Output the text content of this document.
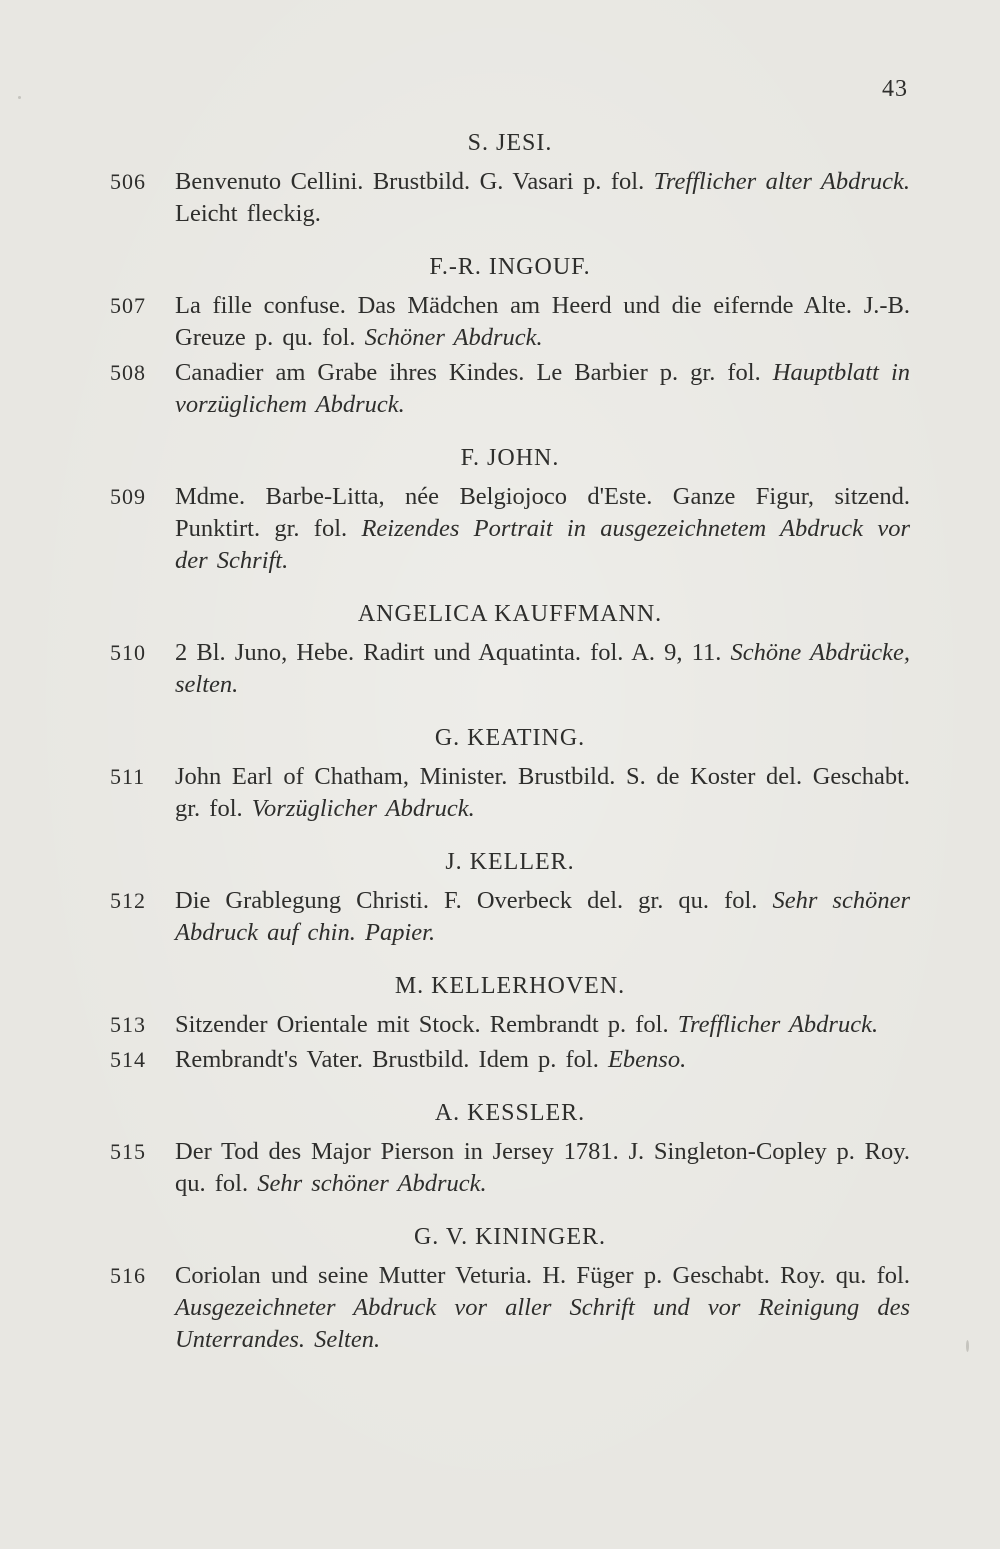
43
S. JESI.
506	Benvenuto Cellini. Brustbild. G. Vasari p. fol. Trefflicher alter Abdruck. Leicht fleckig.
F.-R. INGOUF.
507	La fille confuse. Das Mädchen am Heerd und die eifernde Alte. J.-B. Greuze p. qu. fol. Schöner Abdruck.
508	Canadier am Grabe ihres Kindes. Le Barbier p. gr. fol. Hauptblatt in vorzüglichem Abdruck.
F. JOHN.
509	Mdme. Barbe-Litta, née Belgiojoco d'Este. Ganze Figur, sitzend. Punktirt. gr. fol. Reizendes Portrait in ausgezeichnetem Abdruck vor der Schrift.
ANGELICA KAUFFMANN.
510	2 Bl. Juno, Hebe. Radirt und Aquatinta. fol. A. 9, 11. Schöne Abdrücke, selten.
G. KEATING.
511	John Earl of Chatham, Minister. Brustbild. S. de Koster del. Geschabt. gr. fol. Vorzüglicher Abdruck.
J. KELLER.
512	Die Grablegung Christi. F. Overbeck del. gr. qu. fol. Sehr schöner Abdruck auf chin. Papier.
M. KELLERHOVEN.
513	Sitzender Orientale mit Stock. Rembrandt p. fol. Trefflicher Abdruck.
514	Rembrandt's Vater. Brustbild. Idem p. fol. Ebenso.
A. KESSLER.
515	Der Tod des Major Pierson in Jersey 1781. J. Singleton-Copley p. Roy. qu. fol. Sehr schöner Abdruck.
G. V. KININGER.
516	Coriolan und seine Mutter Veturia. H. Füger p. Geschabt. Roy. qu. fol. Ausgezeichneter Abdruck vor aller Schrift und vor Reinigung des Unterrandes. Selten.
